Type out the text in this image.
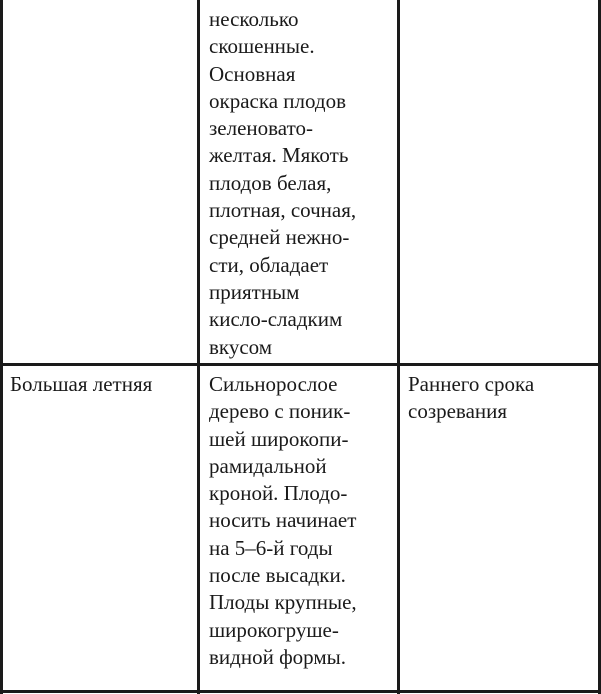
несколько
скошенные.
Основная
окраска плодов
зеленовато-
желтая. Мякоть
плодов белая,
плотная, сочная,
средней нежно-
сти, обладает
приятным
кисло-сладким
вкусом
Большая летняя	Сильнорослое
дерево с поник-
шей широкопи-
рамидальной
кроной. Плодо-
носить начинает
на 5–6-й годы
после высадки.
Плоды крупные,
широкогруше-
видной формы.
Раннего срока
созревания
